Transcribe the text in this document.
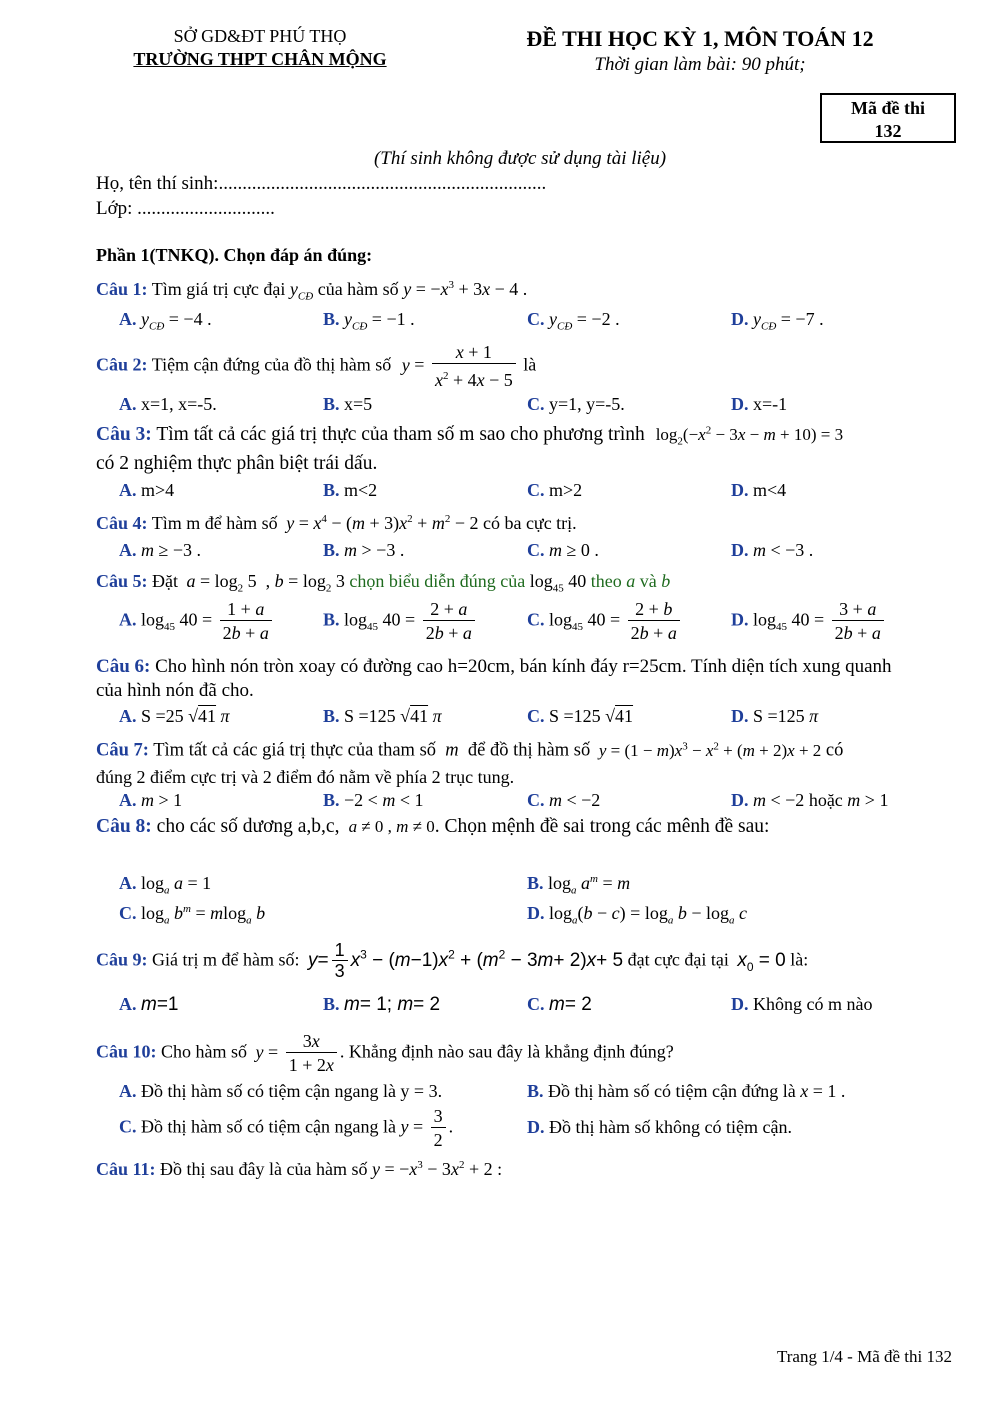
SỞ GD&ĐT PHÚ THỌ
TRƯỜNG THPT CHÂN MỘNG
ĐỀ THI HỌC KỲ 1, MÔN TOÁN 12
Thời gian làm bài: 90 phút;
Mã đề thi
132
(Thí sinh không được sử dụng tài liệu)
Họ, tên thí sinh:.....................................................................
Lớp: .............................
Phần 1(TNKQ). Chọn đáp án đúng:
Câu 1: Tìm giá trị cực đại $y_{CĐ}$ của hàm số $y = -x^3 + 3x - 4$ .
A. $y_{CĐ} = -4$ .	B. $y_{CĐ} = -1$ .	C. $y_{CĐ} = -2$ .	D. $y_{CĐ} = -7$ .
Câu 2: Tiệm cận đứng của đồ thị hàm số $y = \frac{x + 1}{x^2 + 4x - 5}$ là
A. x=1, x=-5.	B. x=5	C. y=1, y=-5.	D. x=-1
Câu 3: Tìm tất cả các giá trị thực của tham số m sao cho phương trình $\log_2(-x^2 - 3x - m + 10) = 3$
có 2 nghiệm thực phân biệt trái dấu.
A. m>4	B. m<2	C. m>2	D. m<4
Câu 4: Tìm m để hàm số $y = x^4 - (m + 3)x^2 + m^2 - 2$ có ba cực trị.
A. m ≥ −3 .	B. m > −3 .	C. m ≥ 0 .	D. m < −3 .
Câu 5: Đặt $a = \log_2 5$  , $b = \log_2 3$ chọn biểu diễn đúng của $\log_{45} 40$ theo a và b
A. $\log_{45} 40 = \frac{1 + a}{2b + a}$	B. $\log_{45} 40 = \frac{2 + a}{2b + a}$	C. $\log_{45} 40 = \frac{2 + b}{2b + a}$	D. $\log_{45} 40 = \frac{3 + a}{2b + a}$
Câu 6: Cho hình nón tròn xoay có đường cao h=20cm, bán kính đáy r=25cm. Tính diện tích xung quanh
của hình nón đã cho.
A. S =25 √41 π	B. S =125 √41 π	C. S =125 √41	D. S =125 π
Câu 7: Tìm tất cả các giá trị thực của tham số  m  để đồ thị hàm số $y = (1 - m)x^3 - x^2 + (m + 2)x + 2$ có
đúng 2 điểm cực trị và 2 điểm đó nằm về phía 2 trục tung.
A. m > 1	B. −2 < m < 1	C. m < −2	D. m < −2 hoặc m > 1
Câu 8: cho các số dương a,b,c, a ≠ 0 , m ≠ 0. Chọn mệnh đề sai trong các mênh đề sau:
A. $\log_a a = 1$	B. $\log_a a^m = m$
C. $\log_a b^m = mlog_a$ b	D. $\log_a(b - c) = \log_a b - \log_a c$
Câu 9: Giá trị m để hàm số: $y= \frac{1}{3} x^3 - (m-1)x^2 + (m^2 - 3m+ 2)x+ 5$ đạt cực đại tại $x_0 = 0$ là:
A. m=1	B. m= 1; m= 2	C. m= 2	D. Không có m nào
Câu 10: Cho hàm số $y = \frac{3x}{1 + 2x}$ . Khẳng định nào sau đây là khẳng định đúng?
A. Đồ thị hàm số có tiệm cận ngang là y = 3.	B. Đồ thị hàm số có tiệm cận đứng là x = 1 .
C. Đồ thị hàm số có tiệm cận ngang là $y = \frac{3}{2}$ .	D. Đồ thị hàm số không có tiệm cận.
Câu 11: Đồ thị sau đây là của hàm số $y = -x^3 - 3x^2 + 2$ :
Trang 1/4 - Mã đề thi 132
